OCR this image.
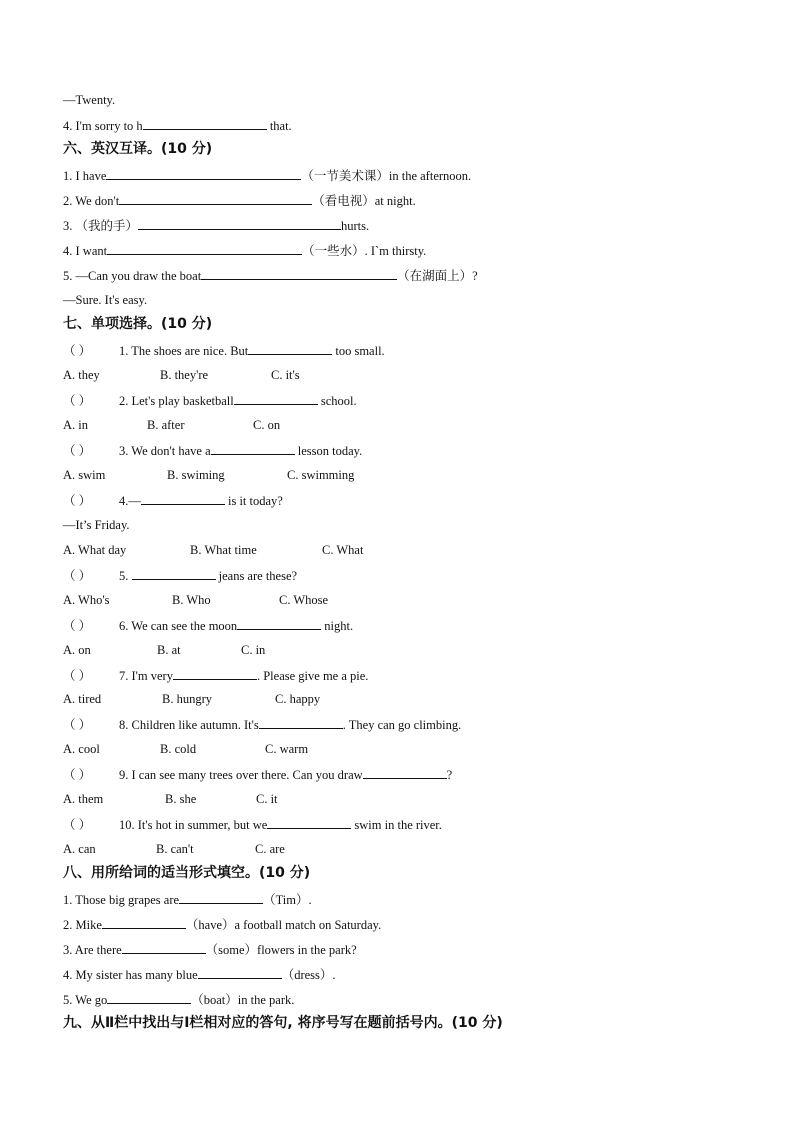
—Twenty.
4. I'm sorry to h	that.
六、英汉互译。(10 分)
1. I have	（一节美术课）in the afternoon.
2. We don't	（看电视）at night.
3. （我的手）	hurts.
4. I want	（一些水）. I`m thirsty.
5. —Can you draw the boat	（在湖面上）?
—Sure. It's easy.
七、单项选择。(10 分)
（ ） 1. The shoes are nice. But	too small.
A. they	B. they're	C. it's
（ ） 2. Let's play basketball	school.
A. in	B. after	C. on
（ ） 3. We don't have a	lesson today.
A. swim	B. swiming	C. swimming
（ ） 4.—	is it today?
—It’s Friday.
A. What day	B. What time	C. What
（ ） 5.	jeans are these?
A. Who's	B. Who	C. Whose
（ ） 6. We can see the moon	night.
A. on	B. at	C. in
（ ） 7. I'm very	. Please give me a pie.
A. tired	B. hungry	C. happy
（ ） 8. Children like autumn. It's	. They can go climbing.
A. cool	B. cold	C. warm
（ ） 9. I can see many trees over there. Can you draw	?
A. them	B. she	C. it
（ ） 10. It's hot in summer, but we	swim in the river.
A. can	B. can't	C. are
八、用所给词的适当形式填空。(10 分)
1. Those big grapes are	（Tim）.
2. Mike	（have）a football match on Saturday.
3. Are there	（some）flowers in the park?
4. My sister has many blue	（dress）.
5. We go	（boat）in the park.
九、从Ⅱ栏中找出与Ⅰ栏相对应的答句, 将序号写在题前括号内。(10 分)
